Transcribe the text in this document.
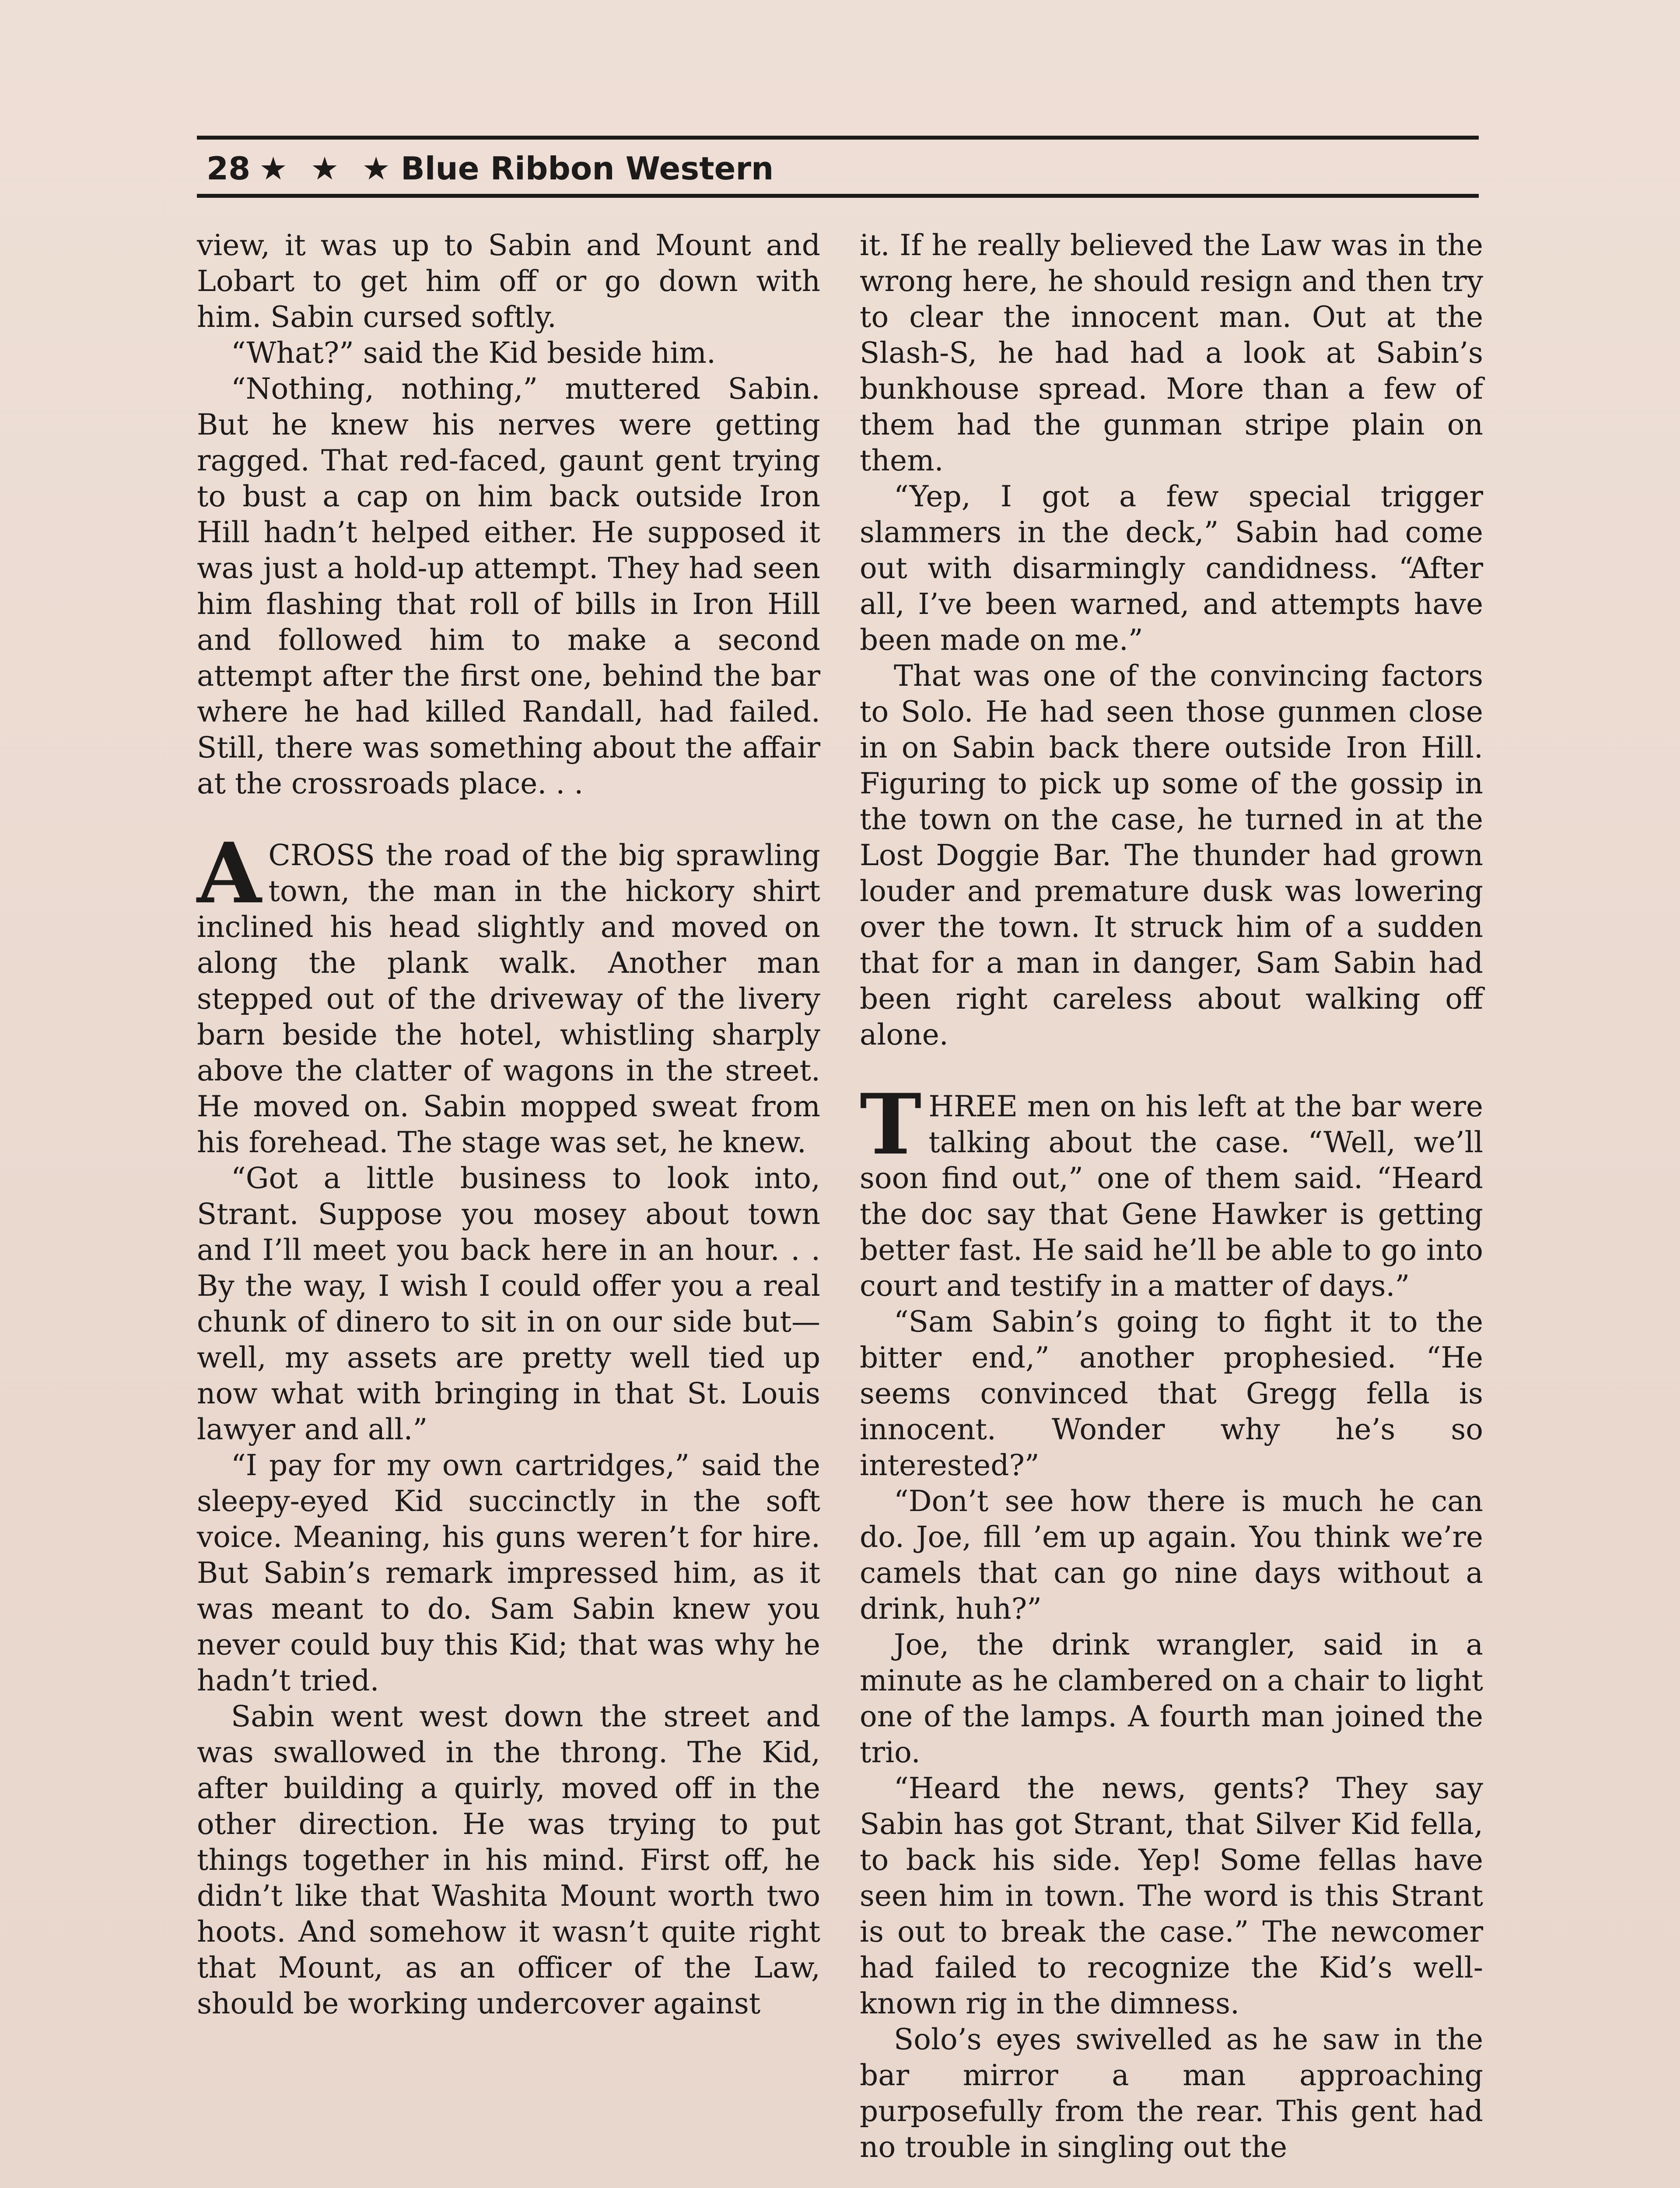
28 ★ ★ ★ Blue Ribbon Western

view, it was up to Sabin and Mount and Lobart to get him off or go down with him. Sabin cursed softly.

“What?” said the Kid beside him.

“Nothing, nothing,” muttered Sabin. But he knew his nerves were getting ragged. That red-faced, gaunt gent trying to bust a cap on him back outside Iron Hill hadn’t helped either. He supposed it was just a hold-up attempt. They had seen him flashing that roll of bills in Iron Hill and followed him to make a second attempt after the first one, behind the bar where he had killed Randall, had failed. Still, there was something about the affair at the crossroads place. . .

ACROSS the road of the big sprawling town, the man in the hickory shirt inclined his head slightly and moved on along the plank walk. Another man stepped out of the driveway of the livery barn beside the hotel, whistling sharply above the clatter of wagons in the street. He moved on. Sabin mopped sweat from his forehead. The stage was set, he knew.

“Got a little business to look into, Strant. Suppose you mosey about town and I’ll meet you back here in an hour. . . By the way, I wish I could offer you a real chunk of dinero to sit in on our side but—well, my assets are pretty well tied up now what with bringing in that St. Louis lawyer and all.”

“I pay for my own cartridges,” said the sleepy-eyed Kid succinctly in the soft voice. Meaning, his guns weren’t for hire. But Sabin’s remark impressed him, as it was meant to do. Sam Sabin knew you never could buy this Kid; that was why he hadn’t tried.

Sabin went west down the street and was swallowed in the throng. The Kid, after building a quirly, moved off in the other direction. He was trying to put things together in his mind. First off, he didn’t like that Washita Mount worth two hoots. And somehow it wasn’t quite right that Mount, as an officer of the Law, should be working undercover against

it. If he really believed the Law was in the wrong here, he should resign and then try to clear the innocent man. Out at the Slash-S, he had had a look at Sabin’s bunkhouse spread. More than a few of them had the gunman stripe plain on them.

“Yep, I got a few special trigger slammers in the deck,” Sabin had come out with disarmingly candidness. “After all, I’ve been warned, and attempts have been made on me.”

That was one of the convincing factors to Solo. He had seen those gunmen close in on Sabin back there outside Iron Hill. Figuring to pick up some of the gossip in the town on the case, he turned in at the Lost Doggie Bar. The thunder had grown louder and premature dusk was lowering over the town. It struck him of a sudden that for a man in danger, Sam Sabin had been right careless about walking off alone.

THREE men on his left at the bar were talking about the case. “Well, we’ll soon find out,” one of them said. “Heard the doc say that Gene Hawker is getting better fast. He said he’ll be able to go into court and testify in a matter of days.”

“Sam Sabin’s going to fight it to the bitter end,” another prophesied. “He seems convinced that Gregg fella is innocent. Wonder why he’s so interested?”

“Don’t see how there is much he can do. Joe, fill ’em up again. You think we’re camels that can go nine days without a drink, huh?”

Joe, the drink wrangler, said in a minute as he clambered on a chair to light one of the lamps. A fourth man joined the trio.

“Heard the news, gents? They say Sabin has got Strant, that Silver Kid fella, to back his side. Yep! Some fellas have seen him in town. The word is this Strant is out to break the case.” The newcomer had failed to recognize the Kid’s well-known rig in the dimness.

Solo’s eyes swivelled as he saw in the bar mirror a man approaching purposefully from the rear. This gent had no trouble in singling out the
